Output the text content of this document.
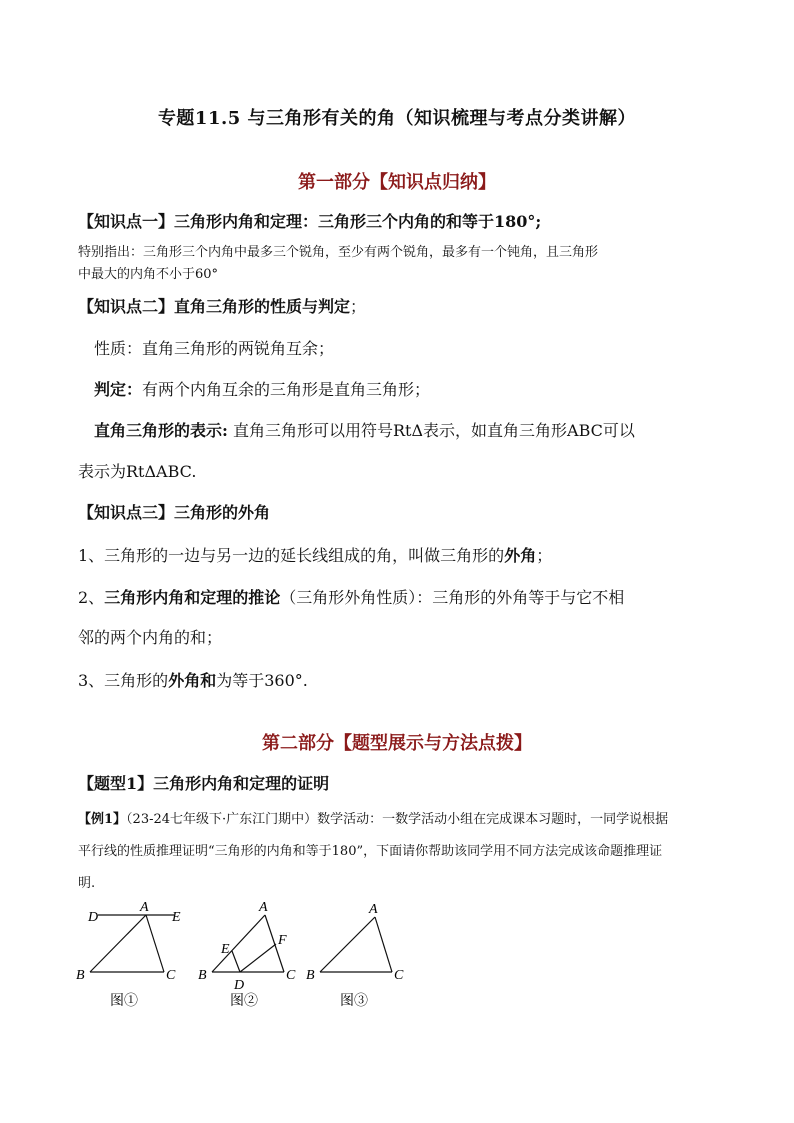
专题11.5 与三角形有关的角（知识梳理与考点分类讲解）
第一部分【知识点归纳】
【知识点一】三角形内角和定理：三角形三个内角的和等于180°;
特别指出：三角形三个内角中最多三个锐角，至少有两个锐角，最多有一个钝角，且三角形
中最大的内角不小于60°
【知识点二】直角三角形的性质与判定；
性质：直角三角形的两锐角互余；
判定：有两个内角互余的三角形是直角三角形；
直角三角形的表示: 直角三角形可以用符号RtΔ表示，如直角三角形ABC可以
表示为RtΔABC.
【知识点三】三角形的外角
1、三角形的一边与另一边的延长线组成的角，叫做三角形的外角；
2、三角形内角和定理的推论（三角形外角性质）：三角形的外角等于与它不相
邻的两个内角的和；
3、三角形的外角和为等于360°.
第二部分【题型展示与方法点拨】
【题型1】三角形内角和定理的证明
【例1】（23-24七年级下·广东江门期中）数学活动：一数学活动小组在完成课本习题时，一同学说根据
平行线的性质推理证明“三角形的内角和等于180”，下面请你帮助该同学用不同方法完成该命题推理证
明.
D
A
E
B	C
图①
A
E
F
B
D
C
图②
A
B	C
图③
